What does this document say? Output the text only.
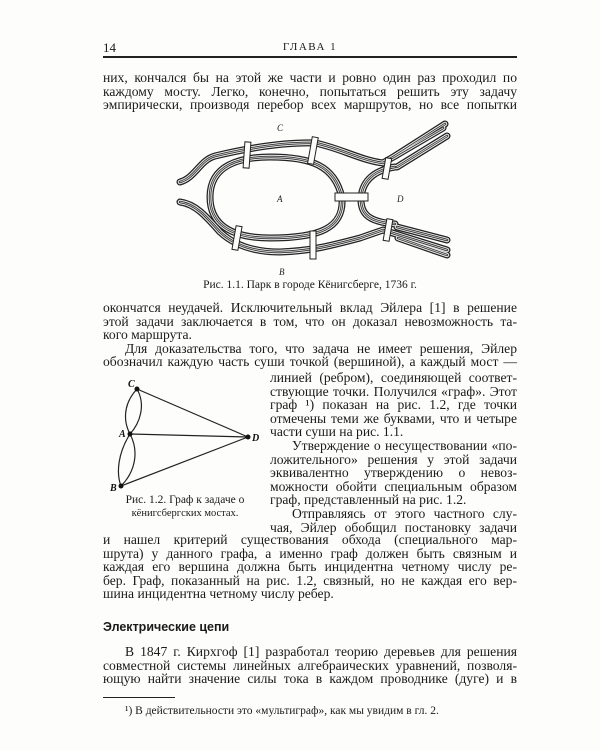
14	ГЛАВА 1
них, кончался бы на этой же части и ровно один раз проходил по
каждому мосту. Легко, конечно, попытаться решить эту задачу
эмпирически, производя перебор всех маршрутов, но все попытки
C
A	D
B
Рис. 1.1. Парк в городе Кёнигсберге, 1736 г.
окончатся неудачей. Исключительный вклад Эйлера [1] в решение
этой задачи заключается в том, что он доказал невозможность та-
кого маршрута.
Для доказательства того, что задача не имеет решения, Эйлер
обозначил каждую часть суши точкой (вершиной), а каждый мост —
линией (ребром), соединяющей соответ-
ствующие точки. Получился «граф». Этот
граф ¹) показан на рис. 1.2, где точки
отмечены теми же буквами, что и четыре
части суши на рис. 1.1.
Утверждение о несуществовании «по-
ложительного» решения у этой задачи
эквивалентно утверждению о невоз-
можности обойти специальным образом
граф, представленный на рис. 1.2.
Отправляясь от этого частного слу-
чая, Эйлер обобщил постановку задачи
C
A	D
B
Рис. 1.2. Граф к задаче о
кёнигсбергских мостах.
и нашел критерий существования обхода (специального мар-
шрута) у данного графа, а именно граф должен быть связным и
каждая его вершина должна быть инцидентна четному числу ре-
бер. Граф, показанный на рис. 1.2, связный, но не каждая его вер-
шина инцидентна четному числу ребер.
Электрические цепи
В 1847 г. Кирхгоф [1] разработал теорию деревьев для решения
совместной системы линейных алгебраических уравнений, позволя-
ющую найти значение силы тока в каждом проводнике (дуге) и в
¹) В действительности это «мультиграф», как мы увидим в гл. 2.
